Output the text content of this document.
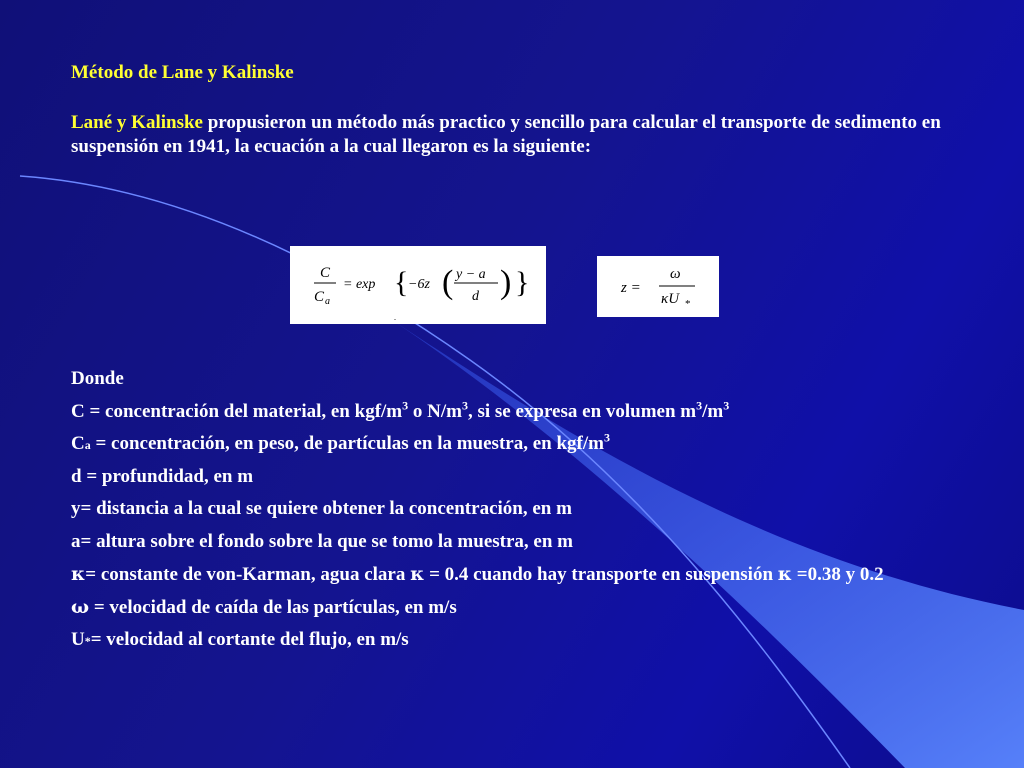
Método de Lane y Kalinske
Lané y Kalinske propusieron un método más practico y sencillo para calcular el transporte de sedimento en suspensión en 1941, la ecuación a la cual llegaron es la siguiente:
C
C a
= exp { −6z ( y − a
d ) }
.
z =
ω
κU *

Donde

C = concentración del material, en kgf/$m^3$ o $N/m^3$, si se expresa en volumen $m^3/m^3$

Ca = concentración, en peso, de partículas en la muestra, en kgf/$m^3$

d = profundidad, en m

y= distancia a la cual se quiere obtener la concentración, en m

a= altura sobre el fondo sobre la que se tomo la muestra, en m

κ= constante de von-Karman, agua clara κ = 0.4 cuando hay transporte en suspensión κ =0.38 y 0.2

ω = velocidad de caída de las partículas, en m/s

U*= velocidad al cortante del flujo, en m/s
